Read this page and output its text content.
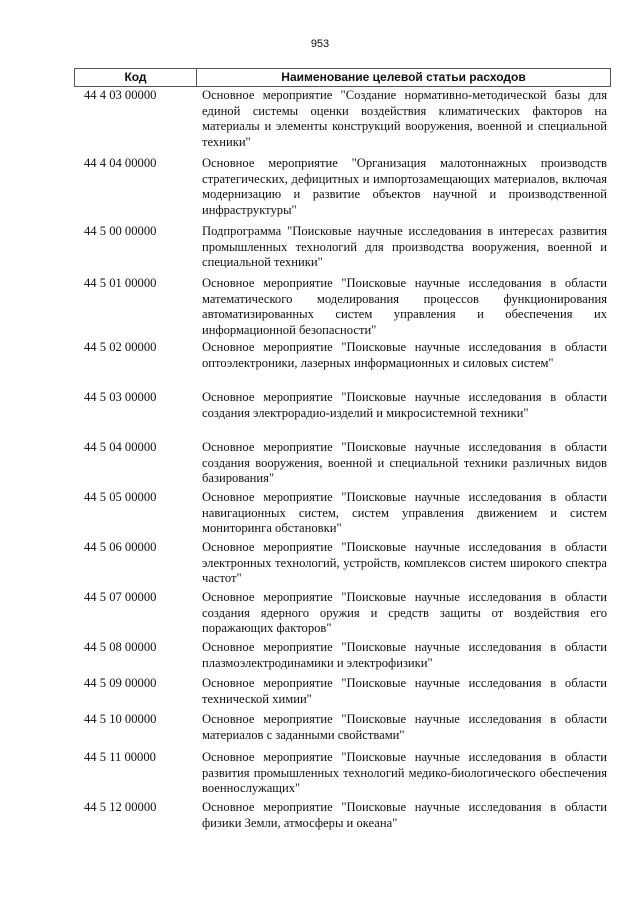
953
Код	Наименование целевой статьи расходов
44 4 03 00000	Основное мероприятие "Создание нормативно-методической базы для единой системы оценки воздействия климатических факторов на материалы и элементы конструкций вооружения, военной и специальной техники"
44 4 04 00000	Основное мероприятие "Организация малотоннажных производств стратегических, дефицитных и импортозамещающих материалов, включая модернизацию и развитие объектов научной и производственной инфраструктуры"
44 5 00 00000	Подпрограмма "Поисковые научные исследования в интересах развития промышленных технологий для производства вооружения, военной и специальной техники"
44 5 01 00000	Основное мероприятие "Поисковые научные исследования в области математического моделирования процессов функционирования автоматизированных систем управления и обеспечения их информационной безопасности"
44 5 02 00000	Основное мероприятие "Поисковые научные исследования в области оптоэлектроники, лазерных информационных и силовых систем"
44 5 03 00000	Основное мероприятие "Поисковые научные исследования в области создания электрорадио-изделий и микросистемной техники"
44 5 04 00000	Основное мероприятие "Поисковые научные исследования в области создания вооружения, военной и специальной техники различных видов базирования"
44 5 05 00000	Основное мероприятие "Поисковые научные исследования в области навигационных систем, систем управления движением и систем мониторинга обстановки"
44 5 06 00000	Основное мероприятие "Поисковые научные исследования в области электронных технологий, устройств, комплексов систем широкого спектра частот"
44 5 07 00000	Основное мероприятие "Поисковые научные исследования в области создания ядерного оружия и средств защиты от воздействия его поражающих факторов"
44 5 08 00000	Основное мероприятие "Поисковые научные исследования в области плазмоэлектродинамики и электрофизики"
44 5 09 00000	Основное мероприятие "Поисковые научные исследования в области технической химии"
44 5 10 00000	Основное мероприятие "Поисковые научные исследования в области материалов с заданными свойствами"
44 5 11 00000	Основное мероприятие "Поисковые научные исследования в области развития промышленных технологий медико-биологического обеспечения военнослужащих"
44 5 12 00000	Основное мероприятие "Поисковые научные исследования в области физики Земли, атмосферы и океана"
